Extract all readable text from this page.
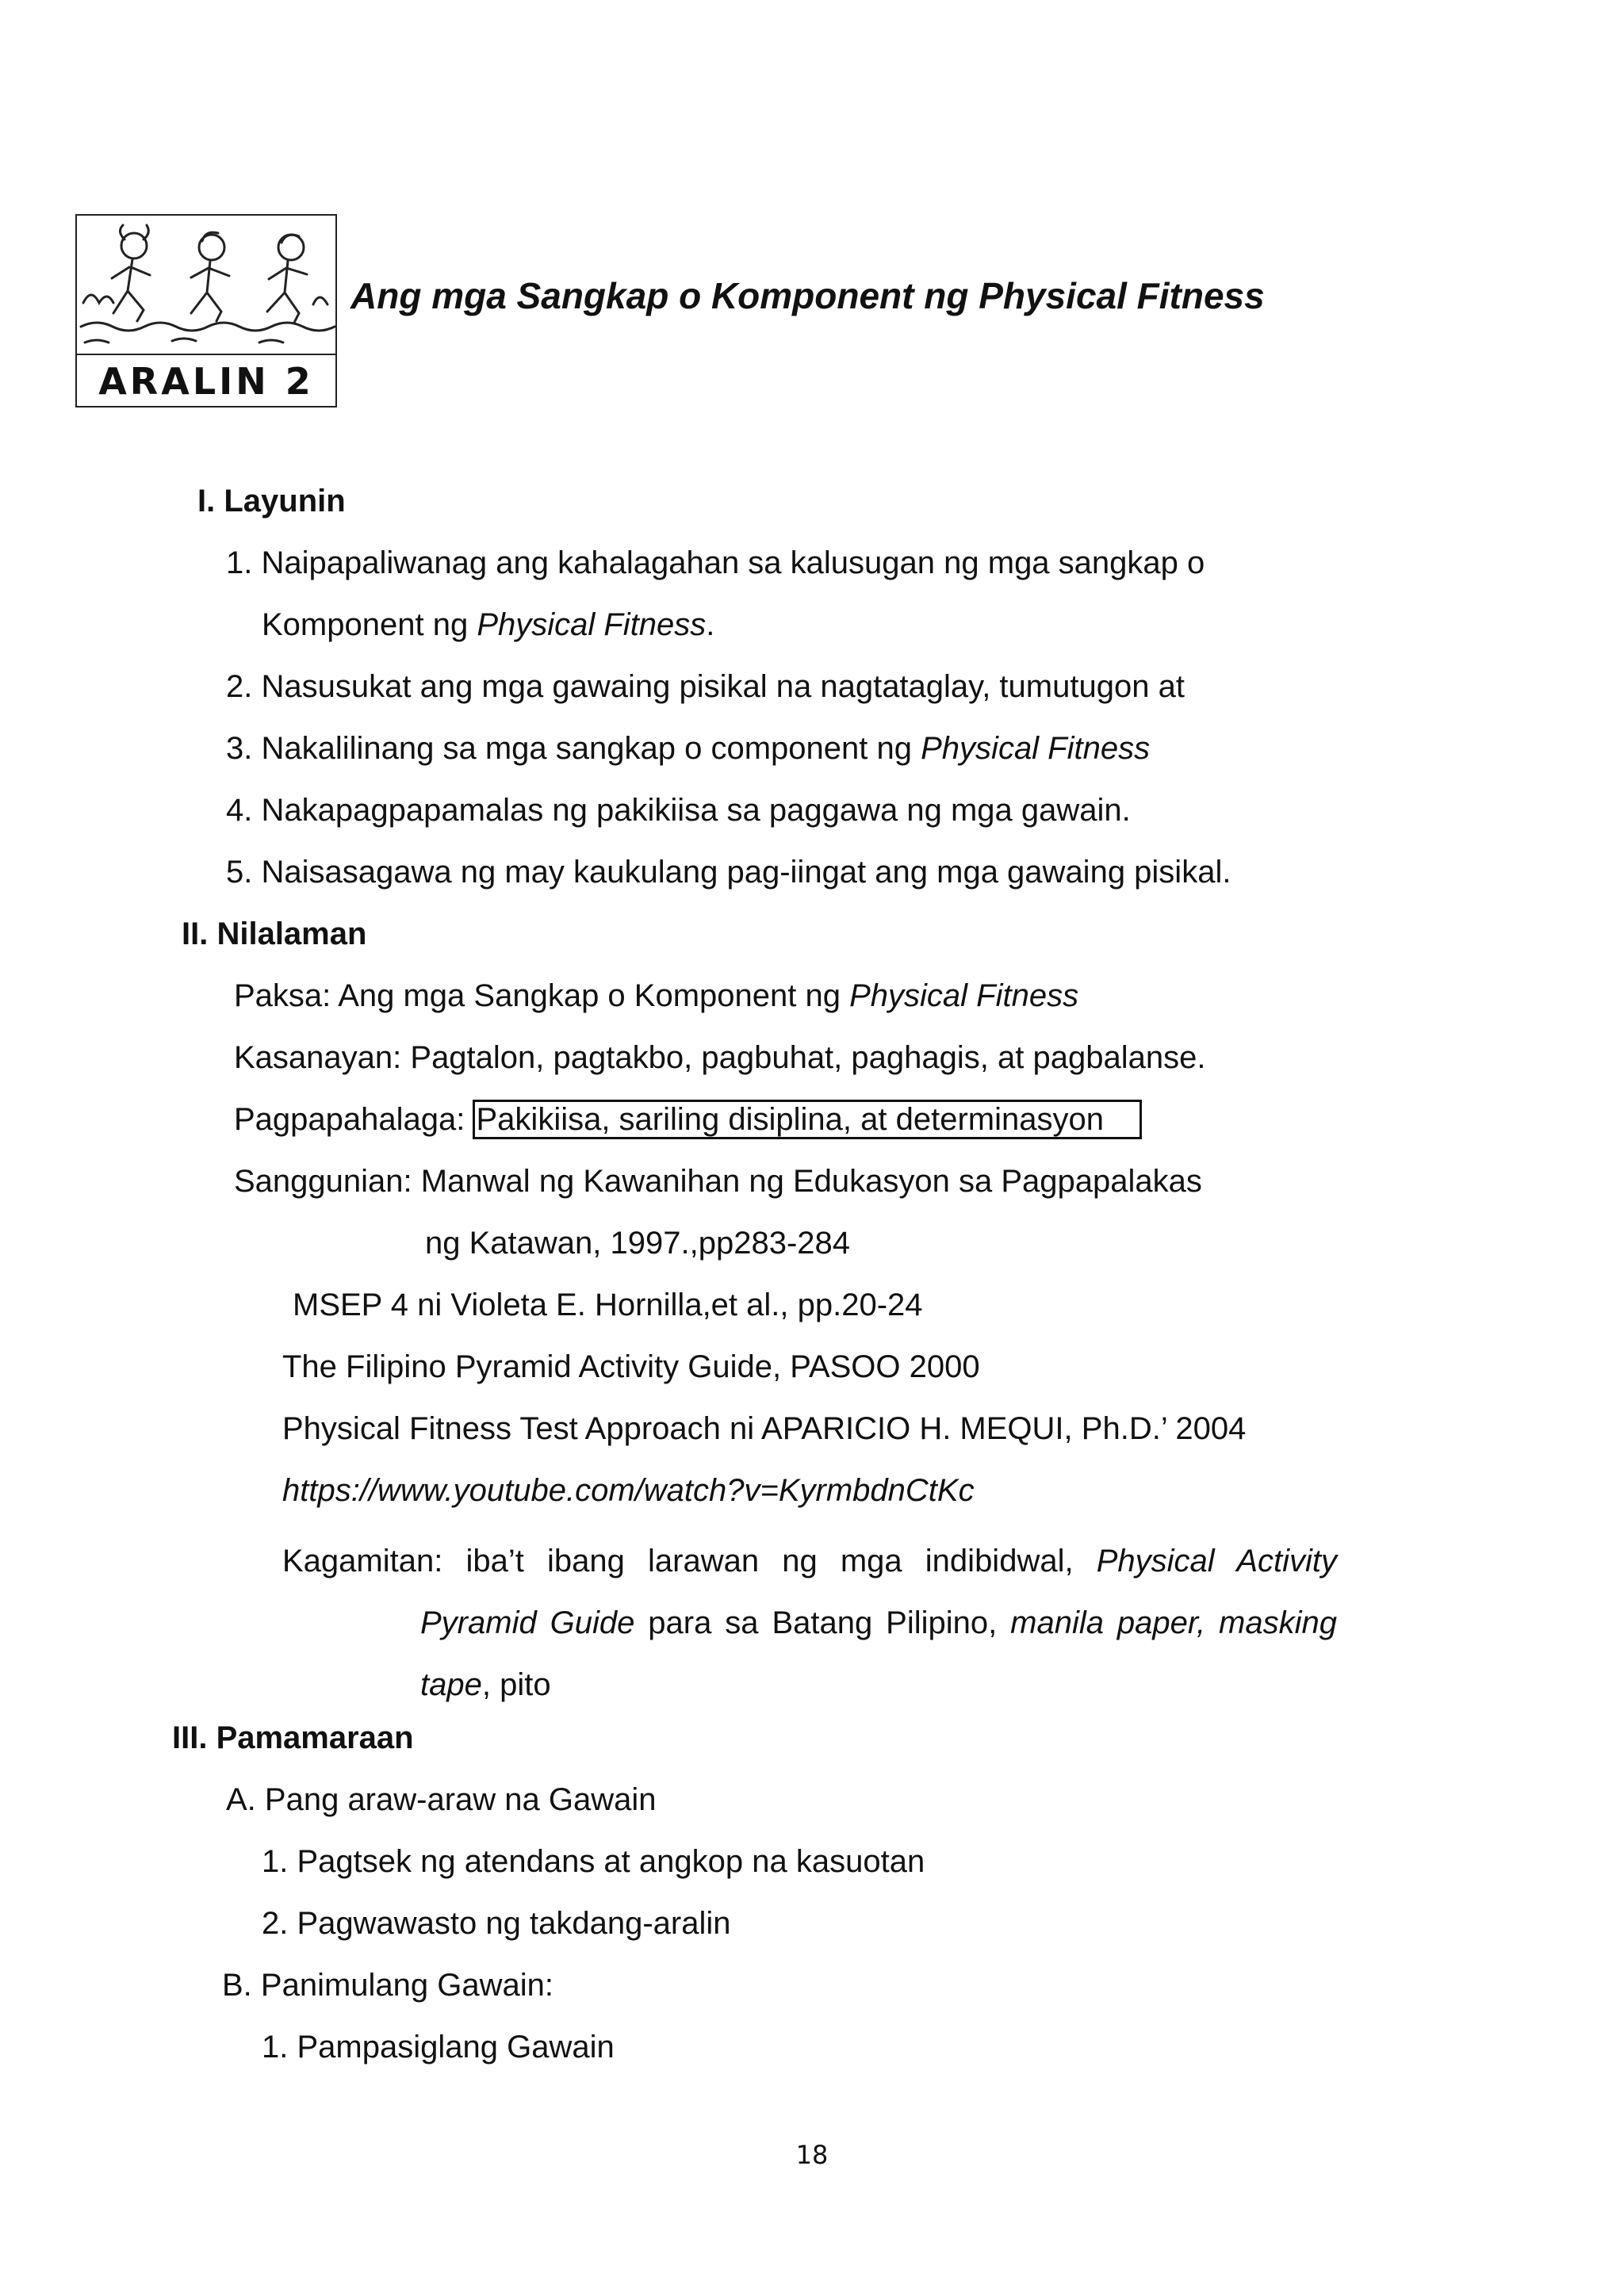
ARALIN 2
Ang mga Sangkap o Komponent ng Physical Fitness
I. Layunin
1. Naipapaliwanag ang kahalagahan sa kalusugan ng mga sangkap o
Komponent ng Physical Fitness.
2. Nasusukat ang mga gawaing pisikal na nagtataglay, tumutugon at
3. Nakalilinang sa mga sangkap o component ng Physical Fitness
4. Nakapagpapamalas ng pakikiisa sa paggawa ng mga gawain.
5. Naisasagawa ng may kaukulang pag-iingat ang mga gawaing pisikal.
II. Nilalaman
Paksa: Ang mga Sangkap o Komponent ng Physical Fitness
Kasanayan: Pagtalon, pagtakbo, pagbuhat, paghagis, at pagbalanse.
Pagpapahalaga: Pakikiisa, sariling disiplina, at determinasyon
Sanggunian: Manwal ng Kawanihan ng Edukasyon sa Pagpapalakas
ng Katawan, 1997.,pp283-284
MSEP 4 ni Violeta E. Hornilla,et al., pp.20-24
The Filipino Pyramid Activity Guide, PASOO 2000
Physical Fitness Test Approach ni APARICIO H. MEQUI, Ph.D.’ 2004
https://www.youtube.com/watch?v=KyrmbdnCtKc
Kagamitan: iba’t ibang larawan ng mga indibidwal, Physical Activity
Pyramid Guide para sa Batang Pilipino, manila paper, masking
tape, pito
III. Pamamaraan
A. Pang araw-araw na Gawain
1. Pagtsek ng atendans at angkop na kasuotan
2. Pagwawasto ng takdang-aralin
B. Panimulang Gawain:
1. Pampasiglang Gawain
18
